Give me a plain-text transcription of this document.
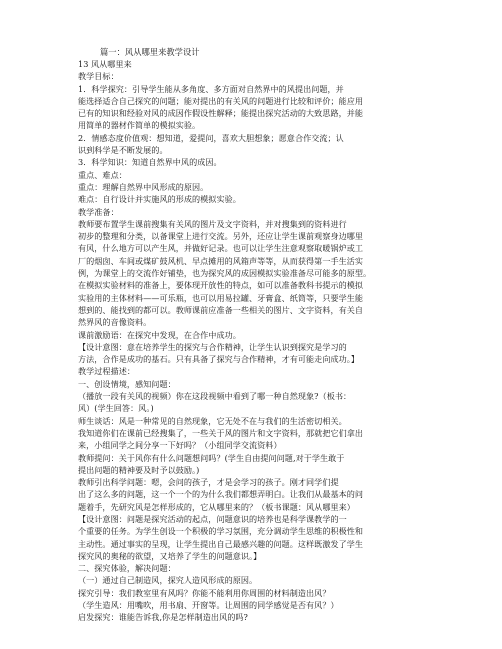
篇一：风从哪里来教学设计
13 风从哪里来
教学目标：
1．科学探究：引导学生能从多角度、多方面对自然界中的风提出问题，并
能选择适合自己探究的问题；能对提出的有关风的问题进行比较和评价；能应用
已有的知识和经验对风的成因作假设性解释；能提出探究活动的大致思路，并能
用简单的器材作简单的模拟实验。
2．情感态度价值观：想知道，爱提问，喜欢大胆想象；愿意合作交流；认
识到科学是不断发展的。
3．科学知识：知道自然界中风的成因。
重点、难点：
重点：理解自然界中风形成的原因。
难点：自行设计并实施风的形成的模拟实验。
教学准备：
教师要布置学生课前搜集有关风的图片及文字资料，并对搜集到的资料进行
初步的整理和分类，以备课堂上进行交流。另外，还应让学生课前观察身边哪里
有风，什么地方可以产生风，并做好记录。也可以让学生注意观察取暖锅炉或工
厂的烟囱、车间或煤矿鼓风机、早点摊用的风箱声等等，从而获得第一手生活实
例，为课堂上的交流作好铺垫，也为探究风的成因模拟实验准备尽可能多的原型。
在模拟实验材料的准备上，要体现开放性的特点，如可以准备教科书提示的模拟
实验用的主体材料——可乐瓶，也可以用易拉罐、牙膏盒、纸筒等，只要学生能
想到的、能找到的都可以。教师课前应准备一些相关的图片、文字资料，有关自
然界风的音像资料。
课前激励语：在探究中发现，在合作中成功。
【设计意图：意在培养学生的探究与合作精神，让学生认识到探究是学习的
方法，合作是成功的基石。只有具备了探究与合作精神，才有可能走向成功。】
教学过程描述：
一、创设情境，感知问题：
（播放一段有关风的视频）你在这段视频中看到了哪一种自然现象?（板书：
风）(学生回答：风。)
师生谈话：风是一种常见的自然现象，它无处不在与我们的生活密切相关。
我知道你们在课前已经搜集了，一些关于风的图片和文字资料，那就把它们拿出
来，小组同学之间分享一下好吗？（小组同学交流资料）
教师提问：关于风你有什么问题想问吗？(学生自由提问问题,对于学生敢于
提出问题的精神要及时予以鼓励。)
教师引出科学问题：嗯，会问的孩子，才是会学习的孩子。刚才同学们提
出了这么多的问题，这一个一个的为什么我们都想弄明白。让我们从最基本的问
题着手，先研究风是怎样形成的，它从哪里来的？（板书课题：风从哪里来）
【设计意图：问题是探究活动的起点，问题意识的培养也是科学课教学的一
个重要的任务。为学生创设一个积极的学习氛围，充分调动学生思维的积极性和
主动性。通过事实的呈现，让学生提出自己最感兴趣的问题。这样既激发了学生
探究风的奥秘的欲望，又培养了学生的问题意识。】
二、探究体验，解决问题：
（一）通过自己制造风，探究人造风形成的原因。
探究引导：我们教室里有风吗？你能不能利用你周围的材料制造出风？
（学生造风：用嘴吹，用书扇、开窗等。让周围的同学感觉是否有风？）
启发探究：谁能告诉我,你是怎样制造出风的吗?
